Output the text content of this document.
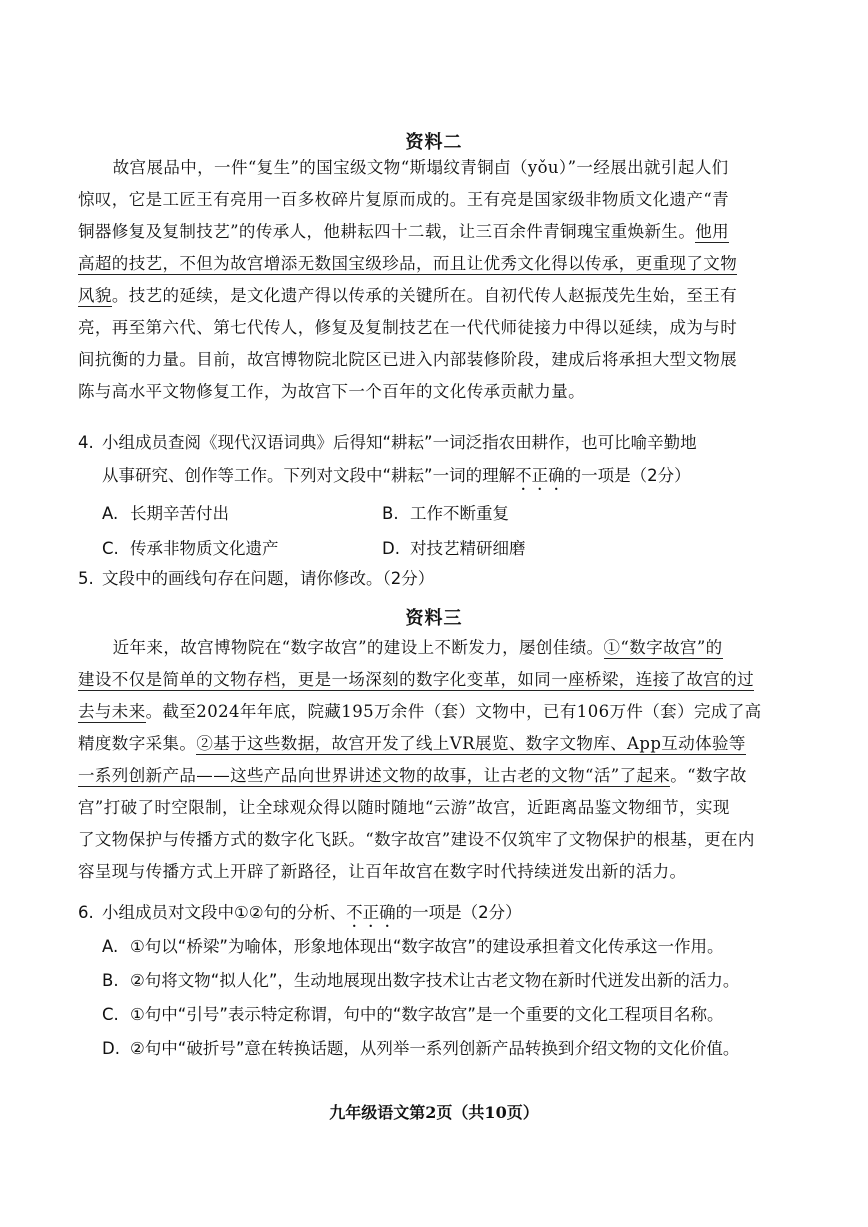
资料二
故宫展品中，一件“复生”的国宝级文物“斯塌纹青铜卣（yǒu）”一经展出就引起人们
惊叹，它是工匠王有亮用一百多枚碎片复原而成的。王有亮是国家级非物质文化遗产“青
铜器修复及复制技艺”的传承人，他耕耘四十二载，让三百余件青铜瑰宝重焕新生。他用
高超的技艺，不但为故宫增添无数国宝级珍品，而且让优秀文化得以传承，更重现了文物
风貌。技艺的延续，是文化遗产得以传承的关键所在。自初代传人赵振茂先生始，至王有
亮，再至第六代、第七代传人，修复及复制技艺在一代代师徒接力中得以延续，成为与时
间抗衡的力量。目前，故宫博物院北院区已进入内部装修阶段，建成后将承担大型文物展
陈与高水平文物修复工作，为故宫下一个百年的文化传承贡献力量。
4. 小组成员查阅《现代汉语词典》后得知“耕耘”一词泛指农田耕作，也可比喻辛勤地
从事研究、创作等工作。下列对文段中“耕耘”一词的理解不正确的一项是（2分）
A. 长期辛苦付出	B. 工作不断重复
C. 传承非物质文化遗产	D. 对技艺精研细磨
5. 文段中的画线句存在问题，请你修改。（2分）
资料三
近年来，故宫博物院在“数字故宫”的建设上不断发力，屡创佳绩。①“数字故宫”的
建设不仅是简单的文物存档，更是一场深刻的数字化变革，如同一座桥梁，连接了故宫的过
去与未来。截至2024年年底，院藏195万余件（套）文物中，已有106万件（套）完成了高
精度数字采集。②基于这些数据，故宫开发了线上VR展览、数字文物库、App互动体验等
一系列创新产品——这些产品向世界讲述文物的故事，让古老的文物“活”了起来。“数字故
宫”打破了时空限制，让全球观众得以随时随地“云游”故宫，近距离品鉴文物细节，实现
了文物保护与传播方式的数字化飞跃。“数字故宫”建设不仅筑牢了文物保护的根基，更在内
容呈现与传播方式上开辟了新路径，让百年故宫在数字时代持续迸发出新的活力。
6. 小组成员对文段中①②句的分析、不正确的一项是（2分）
A. ①句以“桥梁”为喻体，形象地体现出“数字故宫”的建设承担着文化传承这一作用。
B. ②句将文物“拟人化”，生动地展现出数字技术让古老文物在新时代迸发出新的活力。
C. ①句中“引号”表示特定称谓，句中的“数字故宫”是一个重要的文化工程项目名称。
D. ②句中“破折号”意在转换话题，从列举一系列创新产品转换到介绍文物的文化价值。
九年级语文第2页（共10页）
